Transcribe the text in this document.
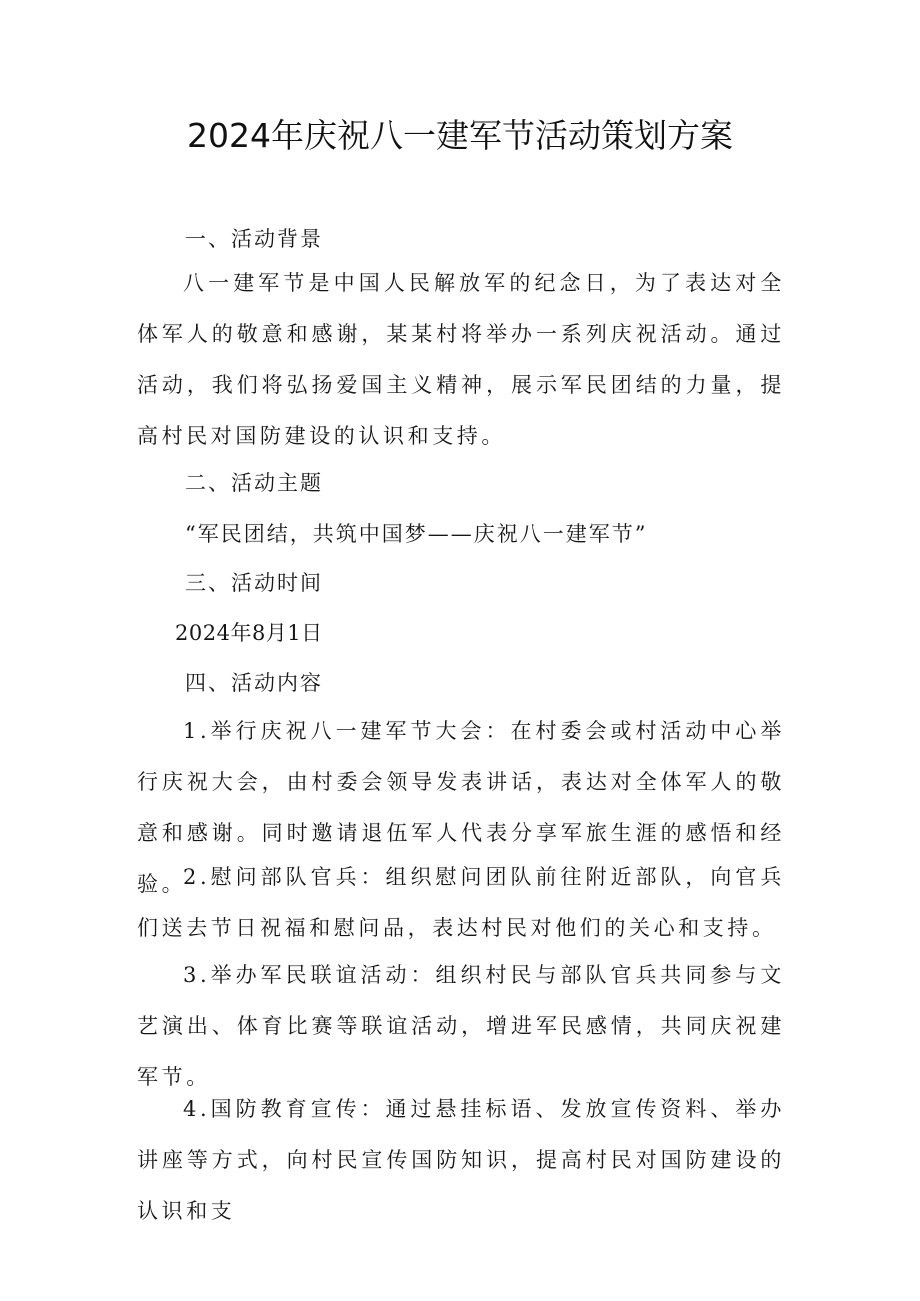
2024年庆祝八一建军节活动策划方案
一、活动背景
八一建军节是中国人民解放军的纪念日，为了表达对全体军人的敬意和感谢，某某村将举办一系列庆祝活动。通过活动，我们将弘扬爱国主义精神，展示军民团结的力量，提高村民对国防建设的认识和支持。
二、活动主题
“军民团结，共筑中国梦——庆祝八一建军节”
三、活动时间
2024年8月1日
四、活动内容
1.举行庆祝八一建军节大会：在村委会或村活动中心举行庆祝大会，由村委会领导发表讲话，表达对全体军人的敬意和感谢。同时邀请退伍军人代表分享军旅生涯的感悟和经验。
2.慰问部队官兵：组织慰问团队前往附近部队，向官兵们送去节日祝福和慰问品，表达村民对他们的关心和支持。
3.举办军民联谊活动：组织村民与部队官兵共同参与文艺演出、体育比赛等联谊活动，增进军民感情，共同庆祝建军节。
4.国防教育宣传：通过悬挂标语、发放宣传资料、举办讲座等方式，向村民宣传国防知识，提高村民对国防建设的认识和支
